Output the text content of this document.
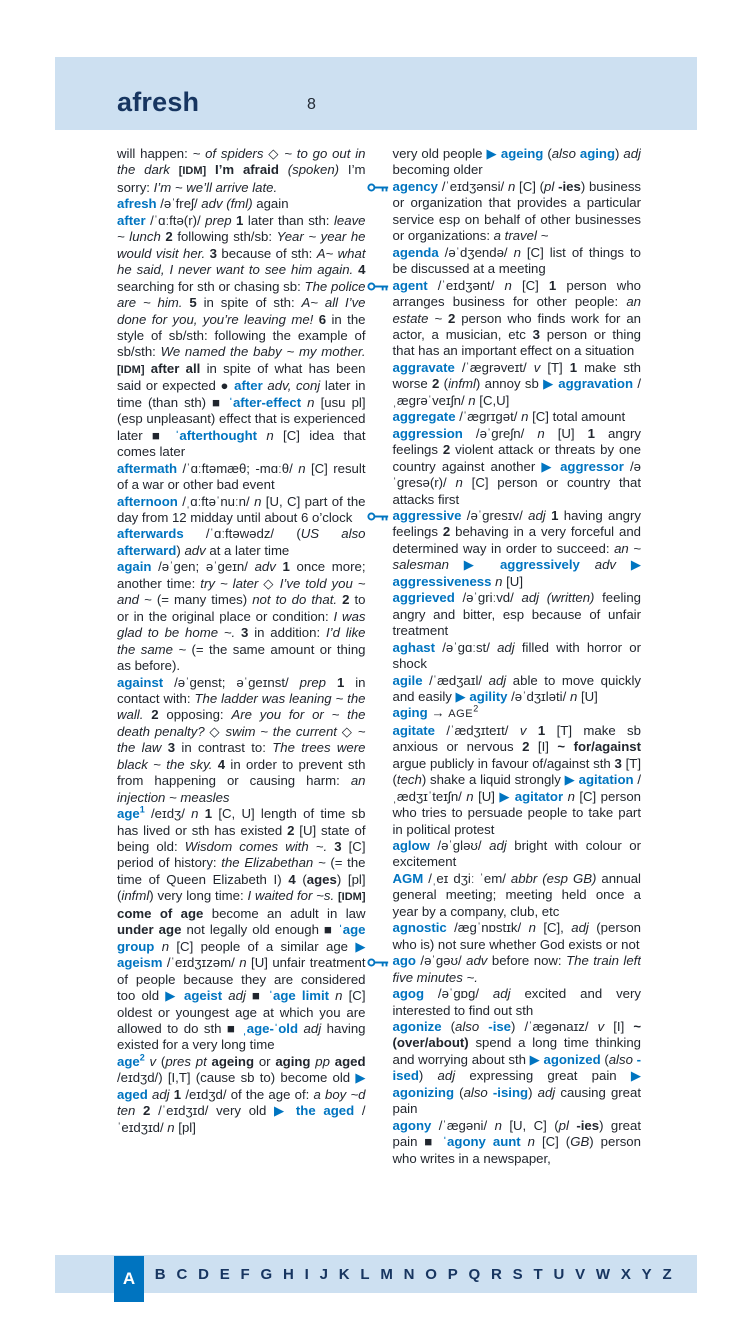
afresh	8

will happen: ~ of spiders ◇ ~ to go out in the dark [IDM] I’m afraid (spoken) I’m sorry: I’m ~ we’ll arrive late.

afresh /əˈfreʃ/ adv (fml) again

after /ˈɑːftə(r)/ prep 1 later than sth: leave ~ lunch 2 following sth/sb: Year ~ year he would visit her. 3 because of sth: A~ what he said, I never want to see him again. 4 searching for sth or chasing sb: The police are ~ him. 5 in spite of sth: A~ all I’ve done for you, you’re leaving me! 6 in the style of sb/sth: following the example of sb/sth: We named the baby ~ my mother. [IDM] after all in spite of what has been said or expected ● after adv, conj later in time (than sth) ■ ˈafter-effect n [usu pl] (esp unpleasant) effect that is experienced later ■ ˈafterthought n [C] idea that comes later

aftermath /ˈɑːftəmæθ; -mɑːθ/ n [C] result of a war or other bad event

afternoon /ˌɑːftəˈnuːn/ n [U, C] part of the day from 12 midday until about 6 o’clock

afterwards /ˈɑːftəwədz/ (US also afterward) adv at a later time

again /əˈgen; əˈgeɪn/ adv 1 once more; another time: try ~ later ◇ I’ve told you ~ and ~ (= many times) not to do that. 2 to or in the original place or condition: I was glad to be home ~. 3 in addition: I’d like the same ~ (= the same amount or thing as before).

against /əˈgenst; əˈgeɪnst/ prep 1 in contact with: The ladder was leaning ~ the wall. 2 opposing: Are you for or ~ the death penalty? ◇ swim ~ the current ◇ ~ the law 3 in contrast to: The trees were black ~ the sky. 4 in order to prevent sth from happening or causing harm: an injection ~ measles

age$^1$ /eɪdʒ/ n 1 [C, U] length of time sb has lived or sth has existed 2 [U] state of being old: Wisdom comes with ~. 3 [C] period of history: the Elizabethan ~ (= the time of Queen Elizabeth I) 4 (ages) [pl] (infml) very long time: I waited for ~s. [IDM] come of age become an adult in law under age not legally old enough ■ ˈage group n [C] people of a similar age ▶ ageism /ˈeɪdʒɪzəm/ n [U] unfair treatment of people because they are considered too old ▶ ageist adj ■ ˈage limit n [C] oldest or youngest age at which you are allowed to do sth ■ ˌage-ˈold adj having existed for a very long time

age$^2$ v (pres pt ageing or aging pp aged /eɪdʒd/) [I,T] (cause sb to) become old ▶ aged adj 1 /eɪdʒd/ of the age of: a boy ~d ten 2 /ˈeɪdʒɪd/ very old ▶ the aged /ˈeɪdʒɪd/ n [pl]

very old people ▶ ageing (also aging) adj becoming older

agency /ˈeɪdʒənsi/ n [C] (pl -ies) business or organization that provides a particular service esp on behalf of other businesses or organizations: a travel ~

agenda /əˈdʒendə/ n [C] list of things to be discussed at a meeting

agent /ˈeɪdʒənt/ n [C] 1 person who arranges business for other people: an estate ~ 2 person who finds work for an actor, a musician, etc 3 person or thing that has an important effect on a situation

aggravate /ˈægrəveɪt/ v [T] 1 make sth worse 2 (infml) annoy sb ▶ aggravation /ˌægrəˈveɪʃn/ n [C,U]

aggregate /ˈægrɪgət/ n [C] total amount

aggression /əˈgreʃn/ n [U] 1 angry feelings 2 violent attack or threats by one country against another ▶ aggressor /əˈgresə(r)/ n [C] person or country that attacks first

aggressive /əˈgresɪv/ adj 1 having angry feelings 2 behaving in a very forceful and determined way in order to succeed: an ~ salesman ▶ aggressively adv ▶ aggressiveness n [U]

aggrieved /əˈgriːvd/ adj (written) feeling angry and bitter, esp because of unfair treatment

aghast /əˈgɑːst/ adj filled with horror or shock

agile /ˈædʒaɪl/ adj able to move quickly and easily ▶ agility /əˈdʒɪləti/ n [U]

aging → $AGE^2$

agitate /ˈædʒɪteɪt/ v 1 [T] make sb anxious or nervous 2 [I] ~ for/against argue publicly in favour of/against sth 3 [T] (tech) shake a liquid strongly ▶ agitation /ˌædʒɪˈteɪʃn/ n [U] ▶ agitator n [C] person who tries to persuade people to take part in political protest

aglow /əˈgləʊ/ adj bright with colour or excitement

AGM /ˌeɪ dʒiː ˈem/ abbr (esp GB) annual general meeting; meeting held once a year by a company, club, etc

agnostic /ægˈnɒstɪk/ n [C], adj (person who is) not sure whether God exists or not

ago /əˈgəʊ/ adv before now: The train left five minutes ~.

agog /əˈgɒg/ adj excited and very interested to find out sth

agonize (also -ise) /ˈægənaɪz/ v [I] ~ (over/about) spend a long time thinking and worrying about sth ▶ agonized (also -ised) adj expressing great pain ▶ agonizing (also -ising) adj causing great pain

agony /ˈægəni/ n [U, C] (pl -ies) great pain ■ ˈagony aunt n [C] (GB) person who writes in a newspaper,

A	B C D E F G H I J K L M N O P Q R S T U V W X Y Z
